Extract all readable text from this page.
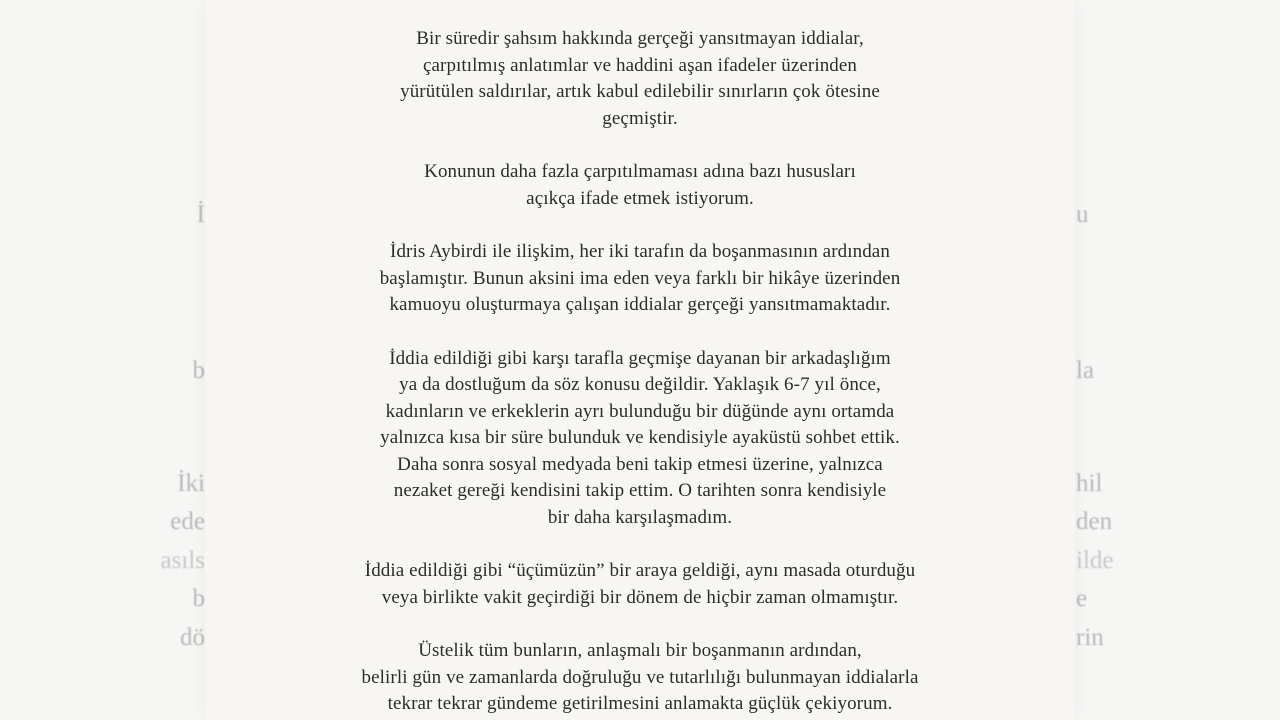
İ
b
İki
ede
asıls
b
dö
u
la
hil
den
ilde
e
rin
Bir süredir şahsım hakkında gerçeği yansıtmayan iddialar,
çarpıtılmış anlatımlar ve haddini aşan ifadeler üzerinden
yürütülen saldırılar, artık kabul edilebilir sınırların çok ötesine
geçmiştir.
Konunun daha fazla çarpıtılmaması adına bazı hususları
açıkça ifade etmek istiyorum.
İdris Aybirdi ile ilişkim, her iki tarafın da boşanmasının ardından
başlamıştır. Bunun aksini ima eden veya farklı bir hikâye üzerinden
kamuoyu oluşturmaya çalışan iddialar gerçeği yansıtmamaktadır.
İddia edildiği gibi karşı tarafla geçmişe dayanan bir arkadaşlığım
ya da dostluğum da söz konusu değildir. Yaklaşık 6-7 yıl önce,
kadınların ve erkeklerin ayrı bulunduğu bir düğünde aynı ortamda
yalnızca kısa bir süre bulunduk ve kendisiyle ayaküstü sohbet ettik.
Daha sonra sosyal medyada beni takip etmesi üzerine, yalnızca
nezaket gereği kendisini takip ettim. O tarihten sonra kendisiyle
bir daha karşılaşmadım.
İddia edildiği gibi “üçümüzün” bir araya geldiği, aynı masada oturduğu
veya birlikte vakit geçirdiği bir dönem de hiçbir zaman olmamıştır.
Üstelik tüm bunların, anlaşmalı bir boşanmanın ardından,
belirli gün ve zamanlarda doğruluğu ve tutarlılığı bulunmayan iddialarla
tekrar tekrar gündeme getirilmesini anlamakta güçlük çekiyorum.
